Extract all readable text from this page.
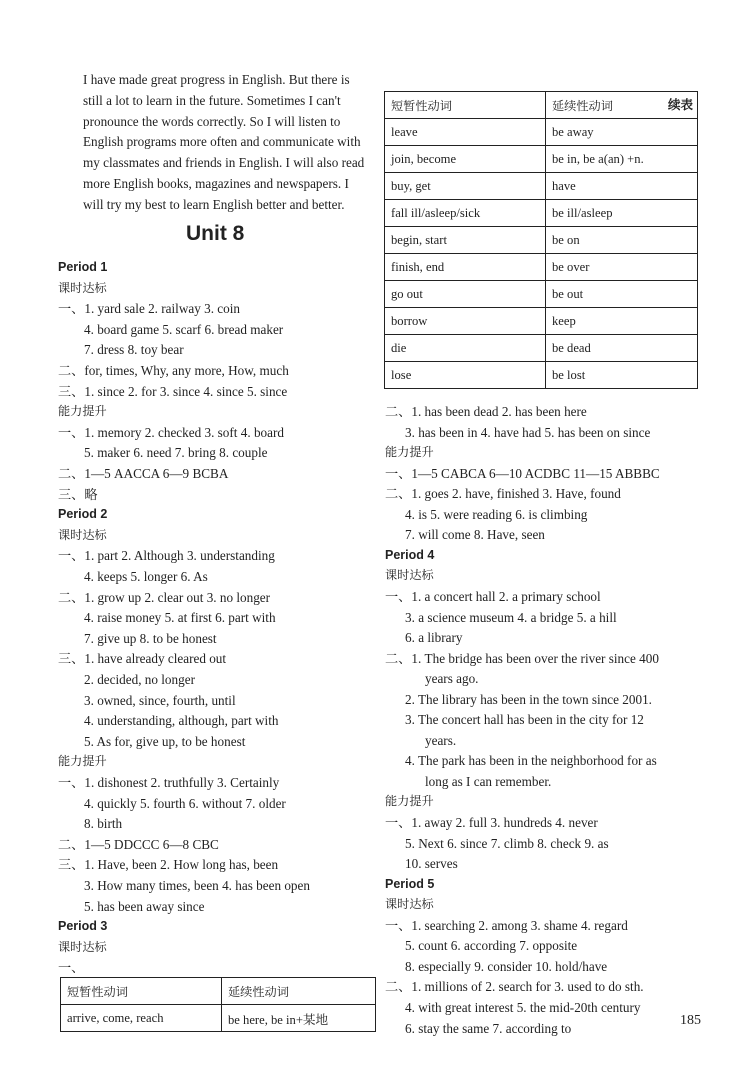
I have made great progress in English. But there is

still a lot to learn in the future. Sometimes I can't

pronounce the words correctly. So I will listen to

English programs more often and communicate with

my classmates and friends in English. I will also read

more English books, magazines and newspapers. I

will try my best to learn English better and better.

Unit 8
Period 1
课时达标
一、1. yard sale 2. railway 3. coin
4. board game 5. scarf 6. bread maker
7. dress 8. toy bear
二、for, times, Why, any more, How, much
三、1. since 2. for 3. since 4. since 5. since
能力提升
一、1. memory 2. checked 3. soft 4. board
5. maker 6. need 7. bring 8. couple
二、1—5 AACCA 6—9 BCBA
三、略
Period 2
课时达标
一、1. part 2. Although 3. understanding
4. keeps 5. longer 6. As
二、1. grow up 2. clear out 3. no longer
4. raise money 5. at first 6. part with
7. give up 8. to be honest
三、1. have already cleared out
2. decided, no longer
3. owned, since, fourth, until
4. understanding, although, part with
5. As for, give up, to be honest
能力提升
一、1. dishonest 2. truthfully 3. Certainly
4. quickly 5. fourth 6. without 7. older
8. birth
二、1—5 DDCCC 6—8 CBC
三、1. Have, been 2. How long has, been
3. How many times, been 4. has been open
5. has been away since
Period 3
课时达标
一、
短暂性动词	延续性动词
arrive, come, reach	be here, be in+某地
续表
短暂性动词	延续性动词
leave	be away
join, become	be in, be a(an) +n.
buy, get	have
fall ill/asleep/sick	be ill/asleep
begin, start	be on
finish, end	be over
go out	be out
borrow	keep
die	be dead
lose	be lost
二、1. has been dead 2. has been here
3. has been in 4. have had 5. has been on since
能力提升
一、1—5 CABCA 6—10 ACDBC 11—15 ABBBC
二、1. goes 2. have, finished 3. Have, found
4. is 5. were reading 6. is climbing
7. will come 8. Have, seen
Period 4
课时达标
一、1. a concert hall 2. a primary school
3. a science museum 4. a bridge 5. a hill
6. a library
二、1. The bridge has been over the river since 400
years ago.
2. The library has been in the town since 2001.
3. The concert hall has been in the city for 12
years.
4. The park has been in the neighborhood for as
long as I can remember.
能力提升
一、1. away 2. full 3. hundreds 4. never
5. Next 6. since 7. climb 8. check 9. as
10. serves
Period 5
课时达标
一、1. searching 2. among 3. shame 4. regard
5. count 6. according 7. opposite
8. especially 9. consider 10. hold/have
二、1. millions of 2. search for 3. used to do sth.
4. with great interest 5. the mid-20th century
6. stay the same 7. according to	185
